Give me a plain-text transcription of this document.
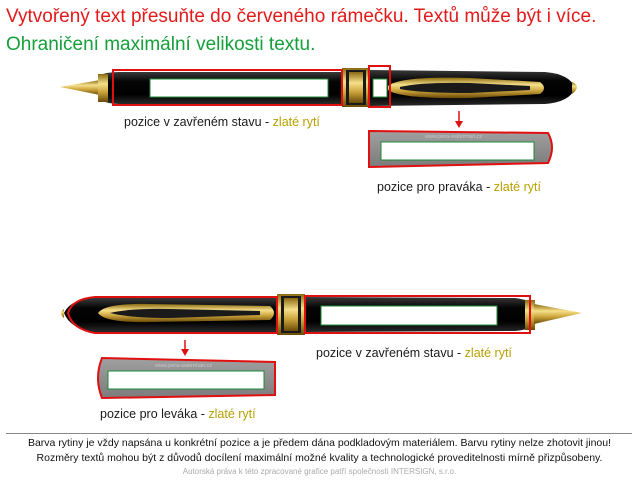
Vytvořený text přesuňte do červeného rámečku. Textů může být i více.
Ohraničení maximální velikosti textu.
www.pera-waterman.cz
www.pera-waterman.cz
pozice v zavřeném stavu - zlaté rytí
pozice pro praváka - zlaté rytí
pozice v zavřeném stavu - zlaté rytí
pozice pro leváka - zlaté rytí
Barva rytiny je vždy napsána u konkrétní pozice a je předem dána podkladovým materiálem. Barvu rytiny nelze zhotovit jinou!
Rozměry textů mohou být z důvodů docílení maximální možné kvality a technologické proveditelnosti mírně přizpůsobeny.
Autorská práva k této zpracované grafice patří společnosti INTERSIGN, s.r.o.
